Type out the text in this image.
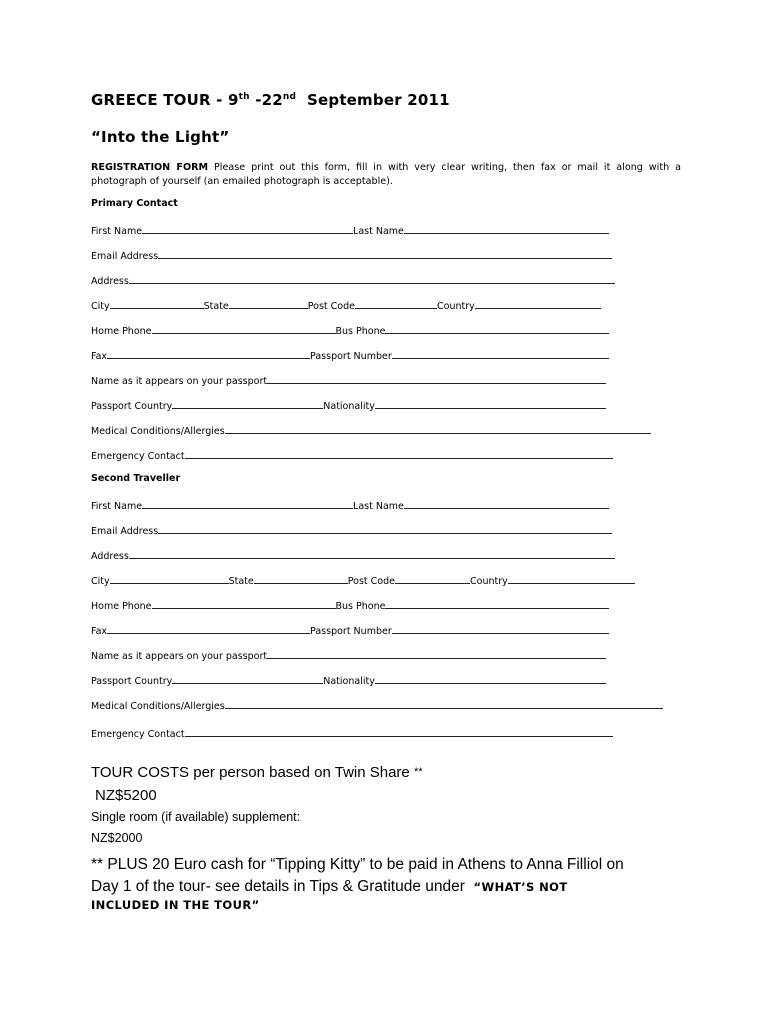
GREECE TOUR - 9th -22nd  September 2011
“Into the Light”
REGISTRATION FORM Please print out this form, fill in with very clear writing, then fax or mail it along with a photograph of yourself (an emailed photograph is acceptable).
Primary Contact
First Name	Last Name
Email Address
Address
City	State	Post Code	Country
Home Phone	Bus Phone
Fax	Passport Number
Name as it appears on your passport
Passport Country	Nationality
Medical Conditions/Allergies
Emergency Contact
Second Traveller
First Name	Last Name
Email Address
Address
City	State	Post Code	Country
Home Phone	Bus Phone
Fax	Passport Number
Name as it appears on your passport
Passport Country	Nationality
Medical Conditions/Allergies
Emergency Contact
TOUR COSTS per person based on Twin Share **
NZ$5200
Single room (if available) supplement:
NZ$2000
** PLUS 20 Euro cash for “Tipping Kitty” to be paid in Athens to Anna Filliol on
Day 1 of the tour- see details in Tips & Gratitude under  “WHAT’S NOT
INCLUDED IN THE TOUR”
